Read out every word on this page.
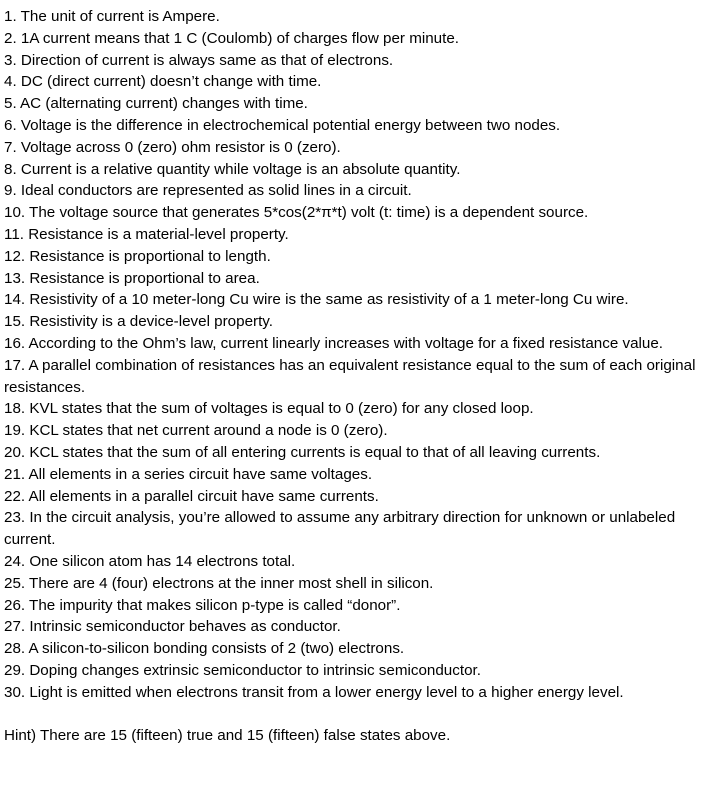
1. The unit of current is Ampere.
2. 1A current means that 1 C (Coulomb) of charges flow per minute.
3. Direction of current is always same as that of electrons.
4. DC (direct current) doesn’t change with time.
5. AC (alternating current) changes with time.
6. Voltage is the difference in electrochemical potential energy between two nodes.
7. Voltage across 0 (zero) ohm resistor is 0 (zero).
8. Current is a relative quantity while voltage is an absolute quantity.
9. Ideal conductors are represented as solid lines in a circuit.
10. The voltage source that generates 5*cos(2*π*t) volt (t: time) is a dependent source.
11. Resistance is a material-level property.
12. Resistance is proportional to length.
13. Resistance is proportional to area.
14. Resistivity of a 10 meter-long Cu wire is the same as resistivity of a 1 meter-long Cu wire.
15. Resistivity is a device-level property.
16. According to the Ohm’s law, current linearly increases with voltage for a fixed resistance value.
17. A parallel combination of resistances has an equivalent resistance equal to the sum of each original resistances.
18. KVL states that the sum of voltages is equal to 0 (zero) for any closed loop.
19. KCL states that net current around a node is 0 (zero).
20. KCL states that the sum of all entering currents is equal to that of all leaving currents.
21. All elements in a series circuit have same voltages.
22. All elements in a parallel circuit have same currents.
23. In the circuit analysis, you’re allowed to assume any arbitrary direction for unknown or unlabeled current.
24. One silicon atom has 14 electrons total.
25. There are 4 (four) electrons at the inner most shell in silicon.
26. The impurity that makes silicon p-type is called “donor”.
27. Intrinsic semiconductor behaves as conductor.
28. A silicon-to-silicon bonding consists of 2 (two) electrons.
29. Doping changes extrinsic semiconductor to intrinsic semiconductor.
30. Light is emitted when electrons transit from a lower energy level to a higher energy level.

Hint) There are 15 (fifteen) true and 15 (fifteen) false states above.
